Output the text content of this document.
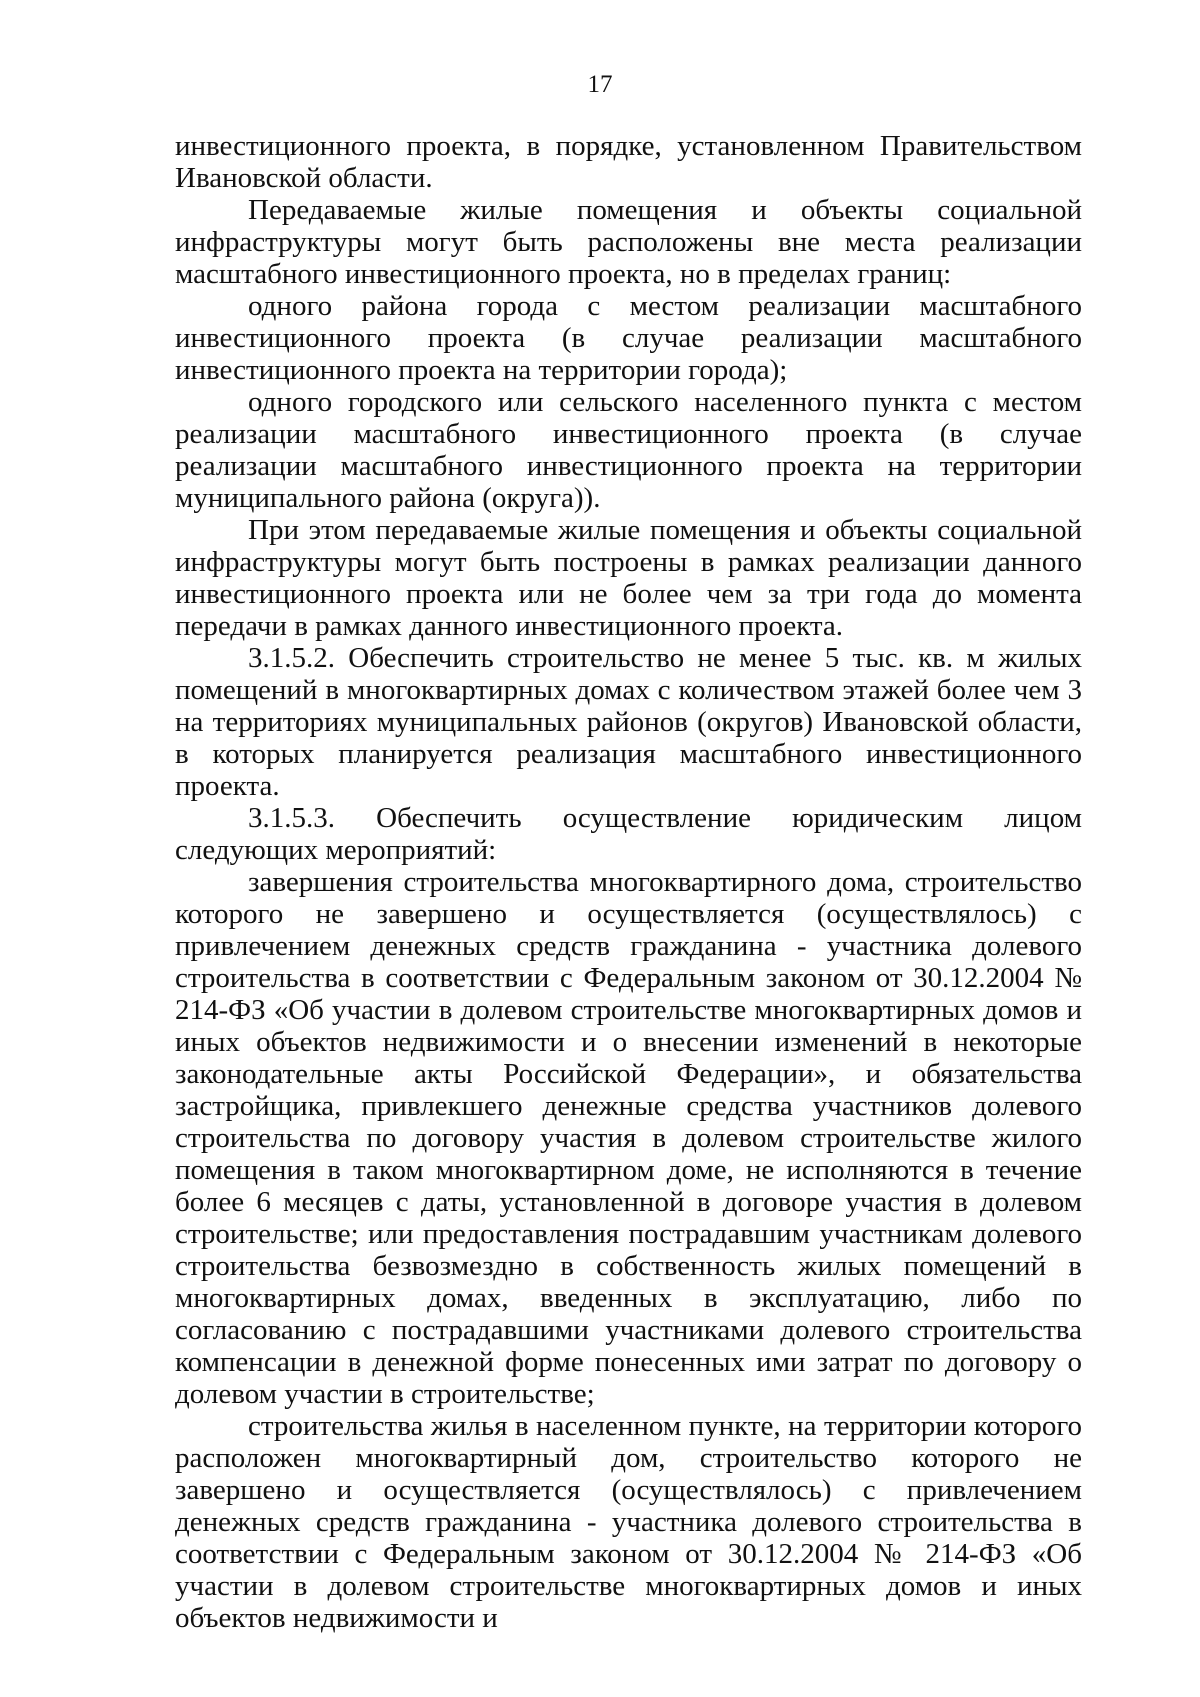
17

инвестиционного проекта, в порядке, установленном Правительством Ивановской области.

Передаваемые жилые помещения и объекты социальной инфраструктуры могут быть расположены вне места реализации масштабного инвестиционного проекта, но в пределах границ:

одного района города с местом реализации масштабного инвестиционного проекта (в случае реализации масштабного инвестиционного проекта на территории города);

одного городского или сельского населенного пункта с местом реализации масштабного инвестиционного проекта (в случае реализации масштабного инвестиционного проекта на территории муниципального района (округа)).

При этом передаваемые жилые помещения и объекты социальной инфраструктуры могут быть построены в рамках реализации данного инвестиционного проекта или не более чем за три года до момента передачи в рамках данного инвестиционного проекта.

3.1.5.2. Обеспечить строительство не менее 5 тыс. кв. м жилых помещений в многоквартирных домах с количеством этажей более чем 3 на территориях муниципальных районов (округов) Ивановской области, в которых планируется реализация масштабного инвестиционного проекта.

3.1.5.3. Обеспечить осуществление юридическим лицом следующих мероприятий:

завершения строительства многоквартирного дома, строительство которого не завершено и осуществляется (осуществлялось) с привлечением денежных средств гражданина - участника долевого строительства в соответствии с Федеральным законом от 30.12.2004 № 214-ФЗ «Об участии в долевом строительстве многоквартирных домов и иных объектов недвижимости и о внесении изменений в некоторые законодательные акты Российской Федерации», и обязательства застройщика, привлекшего денежные средства участников долевого строительства по договору участия в долевом строительстве жилого помещения в таком многоквартирном доме, не исполняются в течение более 6 месяцев с даты, установленной в договоре участия в долевом строительстве; или предоставления пострадавшим участникам долевого строительства безвозмездно в собственность жилых помещений в многоквартирных домах, введенных в эксплуатацию, либо по согласованию с пострадавшими участниками долевого строительства компенсации в денежной форме понесенных ими затрат по договору о долевом участии в строительстве;

строительства жилья в населенном пункте, на территории которого расположен многоквартирный дом, строительство которого не завершено и осуществляется (осуществлялось) с привлечением денежных средств гражданина - участника долевого строительства в соответствии с Федеральным законом от 30.12.2004 № 214-ФЗ «Об участии в долевом строительстве многоквартирных домов и иных объектов недвижимости и
